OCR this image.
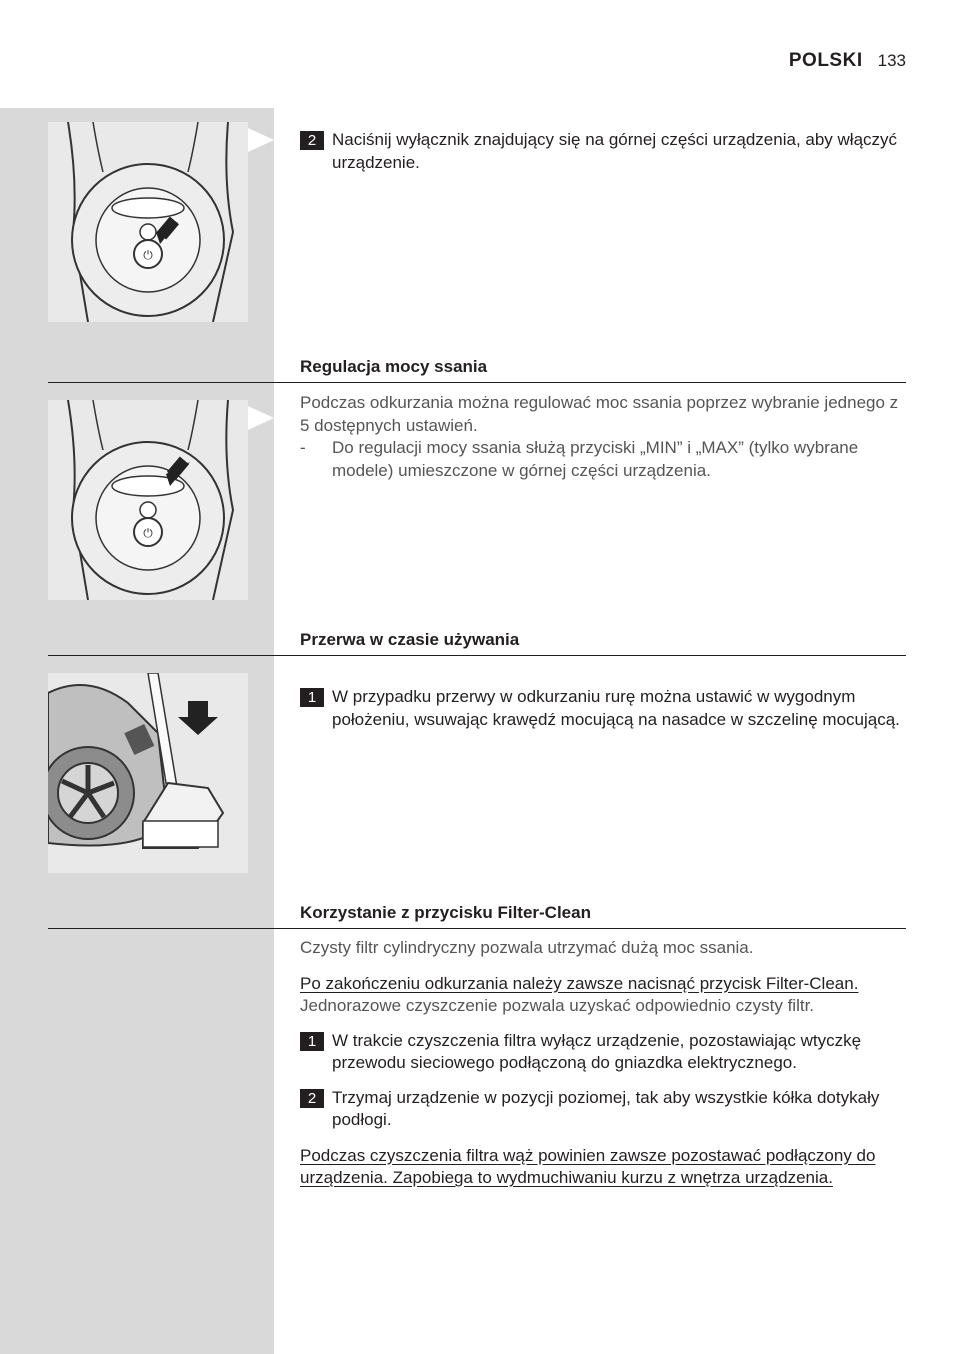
POLSKI 133
⏻
2 Naciśnij wyłącznik znajdujący się na górnej części urządzenia, aby włączyć urządzenie.
Regulacja mocy ssania
⏻

Podczas odkurzania można regulować moc ssania poprzez wybranie jednego z 5 dostępnych ustawień.

-	Do regulacji mocy ssania służą przyciski „MIN” i „MAX” (tylko wybrane modele) umieszczone w górnej części urządzenia.
Przerwa w czasie używania
1 W przypadku przerwy w odkurzaniu rurę można ustawić w wygodnym położeniu, wsuwając krawędź mocującą na nasadce w szczelinę mocującą.
Korzystanie z przycisku Filter-Clean

Czysty filtr cylindryczny pozwala utrzymać dużą moc ssania.

Po zakończeniu odkurzania należy zawsze nacisnąć przycisk Filter-Clean.
Jednorazowe czyszczenie pozwala uzyskać odpowiednio czysty filtr.

1 W trakcie czyszczenia filtra wyłącz urządzenie, pozostawiając wtyczkę przewodu sieciowego podłączoną do gniazdka elektrycznego.
2 Trzymaj urządzenie w pozycji poziomej, tak aby wszystkie kółka dotykały podłogi.

Podczas czyszczenia filtra wąż powinien zawsze pozostawać podłączony do urządzenia. Zapobiega to wydmuchiwaniu kurzu z wnętrza urządzenia.
